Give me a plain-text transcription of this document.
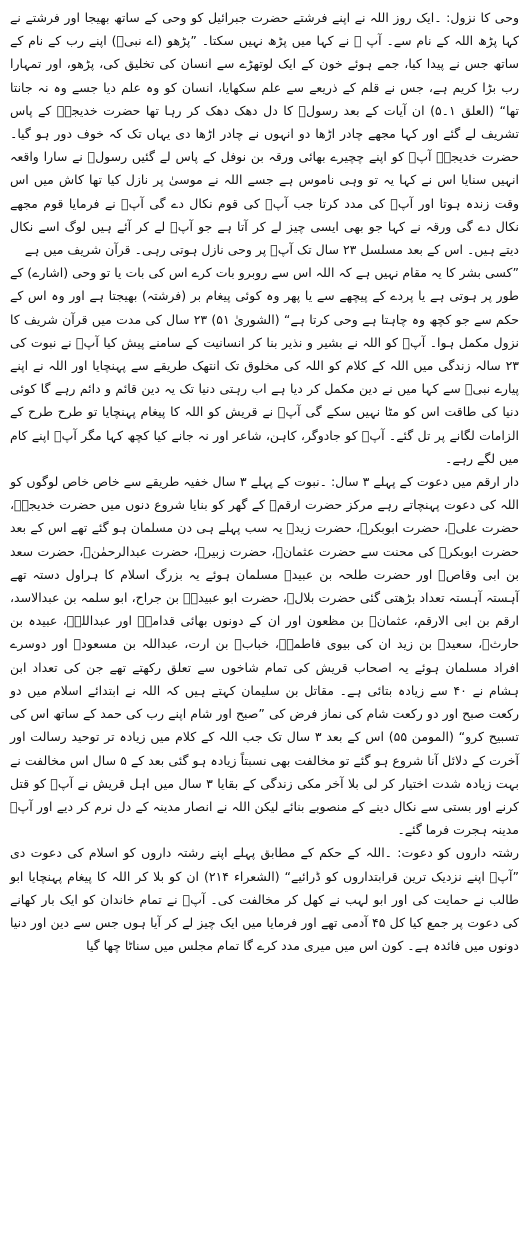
وحی کا نزول: ۔ایک روز اللہ نے اپنے فرشتے حضرت جبرائیل کو وحی کے ساتھ بھیجا اور فرشتے نے کہا پڑھ اللہ کے نام سے۔ آپ ؐ نے کہا میں پڑھ نہیں سکتا۔ ”پڑھو (اے نبیؐ) اپنے رب کے نام کے ساتھ جس نے پیدا کیا، جمے ہوئے خون کے ایک لوتھڑے سے انسان کی تخلیق کی، پڑھو، اور تمہارا رب بڑا کریم ہے، جس نے قلم کے ذریعے سے علم سکھایا، انسان کو وہ علم دیا جسے وہ نہ جانتا تھا“ (العلق ۱۔۵) ان آیات کے بعد رسولؐ کا دل دھک دھک کر رہا تھا حضرت خدیجہؓ کے پاس تشریف لے گئے اور کہا مجھے چادر اڑھا دو انہوں نے چادر اڑھا دی یہاں تک کہ خوف دور ہو گیا۔ حضرت خدیجہؓ آپؐ کو اپنے چچیرے بھائی ورقہ بن نوفل کے پاس لے گئیں رسولؐ نے سارا واقعہ انہیں سنایا اس نے کہا یہ تو وہی ناموس ہے جسے اللہ نے موسیٰ پر نازل کیا تھا کاش میں اس وقت زندہ ہوتا اور آپؐ کی مدد کرتا جب آپؐ کی قوم نکال دے گی آپؐ نے فرمایا قوم مجھے نکال دے گی ورقہ نے کہا جو بھی ایسی چیز لے کر آتا ہے جو آپؐ لے کر آئے ہیں لوگ اسے نکال دیتے ہیں۔ اس کے بعد مسلسل ۲۳ سال تک آپؐ پر وحی نازل ہوتی رہی۔ قرآن شریف میں ہے

”کسی بشر کا یہ مقام نہیں ہے کہ اللہ اس سے روبرو بات کرے اس کی بات یا تو وحی (اشارے) کے طور پر ہوتی ہے یا پردے کے پیچھے سے یا پھر وہ کوئی پیغام بر (فرشتہ) بھیجتا ہے اور وہ اس کے حکم سے جو کچھ وہ چاہتا ہے وحی کرتا ہے“ (الشوریٰ ۵۱) ۲۳ سال کی مدت میں قرآن شریف کا نزول مکمل ہوا۔ آپؐ کو اللہ نے بشیر و نذیر بنا کر انسانیت کے سامنے پیش کیا آپؐ نے نبوت کی ۲۳ سالہ زندگی میں اللہ کے کلام کو اللہ کی مخلوق تک انتھک طریقے سے پہنچایا اور اللہ نے اپنے پیارے نبیؐ سے کہا میں نے دین مکمل کر دیا ہے اب رہتی دنیا تک یہ دین قائم و دائم رہے گا کوئی دنیا کی طاقت اس کو مٹا نہیں سکے گی آپؐ نے قریش کو اللہ کا پیغام پہنچایا تو طرح طرح کے الزامات لگانے پر تل گئے۔ آپؐ کو جادوگر، کاہن، شاعر اور نہ جانے کیا کچھ کہا مگر آپؐ اپنے کام میں لگے رہے۔

دار ارقم میں دعوت کے پہلے ۳ سال: ۔نبوت کے پہلے ۳ سال خفیہ طریقے سے خاص خاص لوگوں کو اللہ کی دعوت پہنچاتے رہے مرکز حضرت ارقمؓ کے گھر کو بنایا شروع دنوں میں حضرت خدیجہؓ، حضرت علیؓ، حضرت ابوبکرؓ، حضرت زیدؓ یہ سب پہلے ہی دن مسلمان ہو گئے تھے اس کے بعد حضرت ابوبکرؓ کی محنت سے حضرت عثمانؓ، حضرت زبیرؓ، حضرت عبدالرحمٰنؓ، حضرت سعد بن ابی وقاصؓ اور حضرت طلحہ بن عبیدؓ مسلمان ہوئے یہ بزرگ اسلام کا ہراول دستہ تھے آہستہ آہستہ تعداد بڑھتی گئی حضرت بلالؓ، حضرت ابو عبیدہؓ بن جراح، ابو سلمہ بن عبدالاسد، ارقم بن ابی الارقم، عثمانؓ بن مظعون اور ان کے دونوں بھائی قدامہؓ اور عبداللہؓ، عبیدہ بن حارثؓ، سعیدؓ بن زید ان کی بیوی فاطمہؓ، خبابؓ بن ارت، عبداللہ بن مسعودؓ اور دوسرے افراد مسلمان ہوئے یہ اصحاب قریش کی تمام شاخوں سے تعلق رکھتے تھے جن کی تعداد ابن ہشام نے ۴۰ سے زیادہ بتائی ہے۔ مقاتل بن سلیمان کہتے ہیں کہ اللہ نے ابتدائے اسلام میں دو رکعت صبح اور دو رکعت شام کی نماز فرض کی ”صبح اور شام اپنے رب کی حمد کے ساتھ اس کی تسبیح کرو“ (المومن ۵۵) اس کے بعد ۳ سال تک جب اللہ کے کلام میں زیادہ تر توحید رسالت اور آخرت کے دلائل آنا شروع ہو گئے تو مخالفت بھی نسبتاً زیادہ ہو گئی بعد کے ۵ سال اس مخالفت نے بہت زیادہ شدت اختیار کر لی بلا آخر مکی زندگی کے بقایا ۳ سال میں اہل قریش نے آپؐ کو قتل کرنے اور بستی سے نکال دینے کے منصوبے بنائے لیکن اللہ نے انصار مدینہ کے دل نرم کر دیے اور آپؐ مدینہ ہجرت فرما گئے۔

رشتہ داروں کو دعوت: ۔اللہ کے حکم کے مطابق پہلے اپنے رشتہ داروں کو اسلام کی دعوت دی ”آپؐ اپنے نزدیک ترین قرابتداروں کو ڈرائیے“ (الشعراء ۲۱۴) ان کو بلا کر اللہ کا پیغام پہنچایا ابو طالب نے حمایت کی اور ابو لہب نے کھل کر مخالفت کی۔ آپؐ نے تمام خاندان کو ایک بار کھانے کی دعوت پر جمع کیا کل ۴۵ آدمی تھے اور فرمایا میں ایک چیز لے کر آیا ہوں جس سے دین اور دنیا دونوں میں فائدہ ہے۔ کون اس میں میری مدد کرے گا تمام مجلس میں سناٹا چھا گیا
